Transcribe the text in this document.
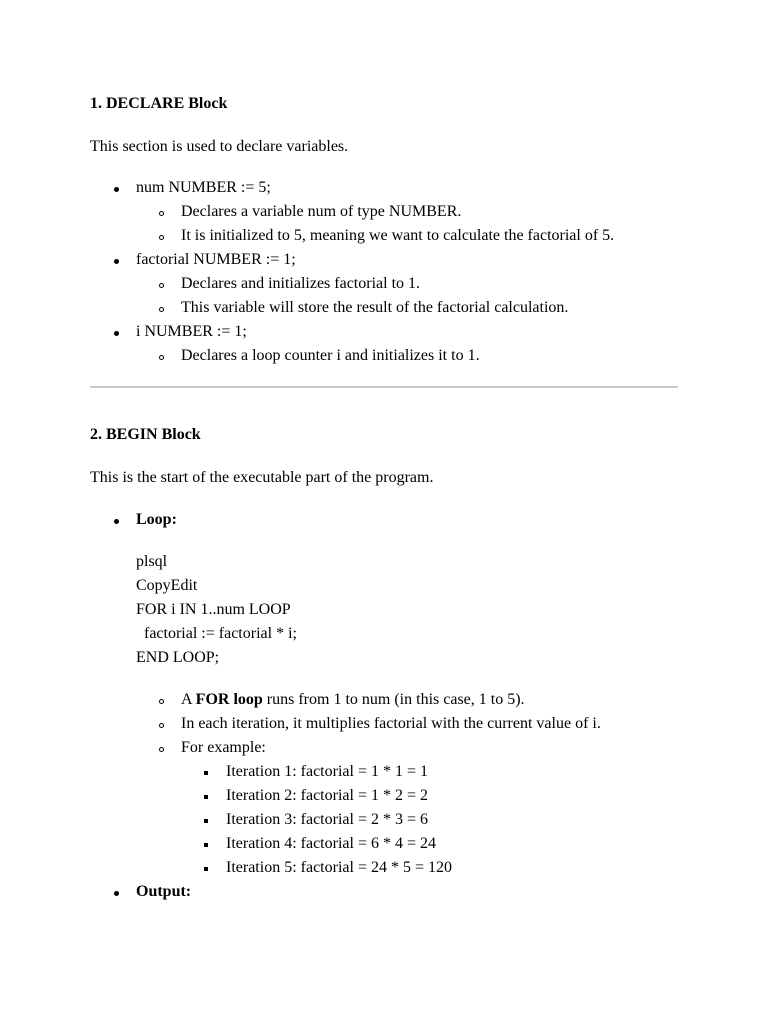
1. DECLARE Block
This section is used to declare variables.
num NUMBER := 5;
Declares a variable num of type NUMBER.
It is initialized to 5, meaning we want to calculate the factorial of 5.
factorial NUMBER := 1;
Declares and initializes factorial to 1.
This variable will store the result of the factorial calculation.
i NUMBER := 1;
Declares a loop counter i and initializes it to 1.
2. BEGIN Block
This is the start of the executable part of the program.
Loop:
plsql
CopyEdit
FOR i IN 1..num LOOP
factorial := factorial * i;
END LOOP;
A FOR loop runs from 1 to num (in this case, 1 to 5).
In each iteration, it multiplies factorial with the current value of i.
For example:
Iteration 1: factorial = 1 * 1 = 1
Iteration 2: factorial = 1 * 2 = 2
Iteration 3: factorial = 2 * 3 = 6
Iteration 4: factorial = 6 * 4 = 24
Iteration 5: factorial = 24 * 5 = 120
Output:
